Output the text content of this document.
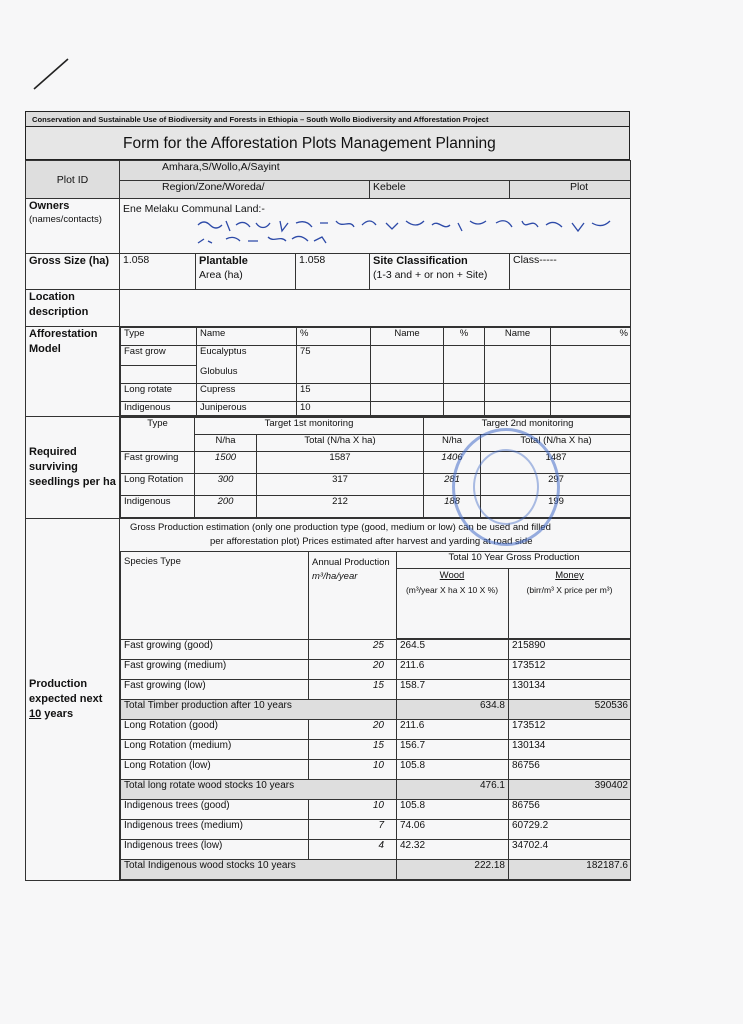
Conservation and Sustainable Use of Biodiversity and Forests in Ethiopia – South Wollo Biodiversity and Afforestation Project
Form for the Afforestation Plots Management Planning
Plot ID	Amhara,S/Wollo,A/Sayint
Region/Zone/Woreda/	Kebele	Plot

Owners
(names/contacts)
	Ene Melaku Communal Land:-

Gross Size (ha)	1.058	Plantable
Area (ha)
	1.058	Site Classification
(1-3 and + or non + Site)
	Class-----
Location description	
Afforestation Model	
Type	Name	%	Name	%	Name	%
Fast grow	Eucalyptus	75				
	Globulus	
Long rotate	Cupress	15				
Indigenous	Juniperous	10				

Required surviving seedlings per ha	
Type	Target 1st monitoring	Target 2nd monitoring
N/ha	Total (N/ha X ha)	N/ha	Total (N/ha X ha)
Fast growing	1500	1587	1406	1487
Long Rotation	300	317	281	297
Indigenous	200	212	188	199

Production expected next 10 years	
Gross Production estimation (only one production type (good, medium or low) can be used and filled
per afforestation plot) Prices estimated after harvest and yarding at road side
Species Type	Annual Production
m³/ha/year
	Total 10 Year Gross Production

Wood
(m³/year X ha X 10 X %)

Money
(birr/m³ X price per m³)
Fast growing (good)	25	264.5	215890
Fast growing (medium)	20	211.6	173512
Fast growing (low)	15	158.7	130134
Total Timber production after 10 years	634.8	520536
Long Rotation (good)	20	211.6	173512
Long Rotation (medium)	15	156.7	130134
Long Rotation (low)	10	105.8	86756
Total long rotate wood stocks 10 years	476.1	390402
Indigenous trees (good)	10	105.8	86756
Indigenous trees (medium)	7	74.06	60729.2
Indigenous trees (low)	4	42.32	34702.4
Total Indigenous wood stocks 10 years	222.18	182187.6
